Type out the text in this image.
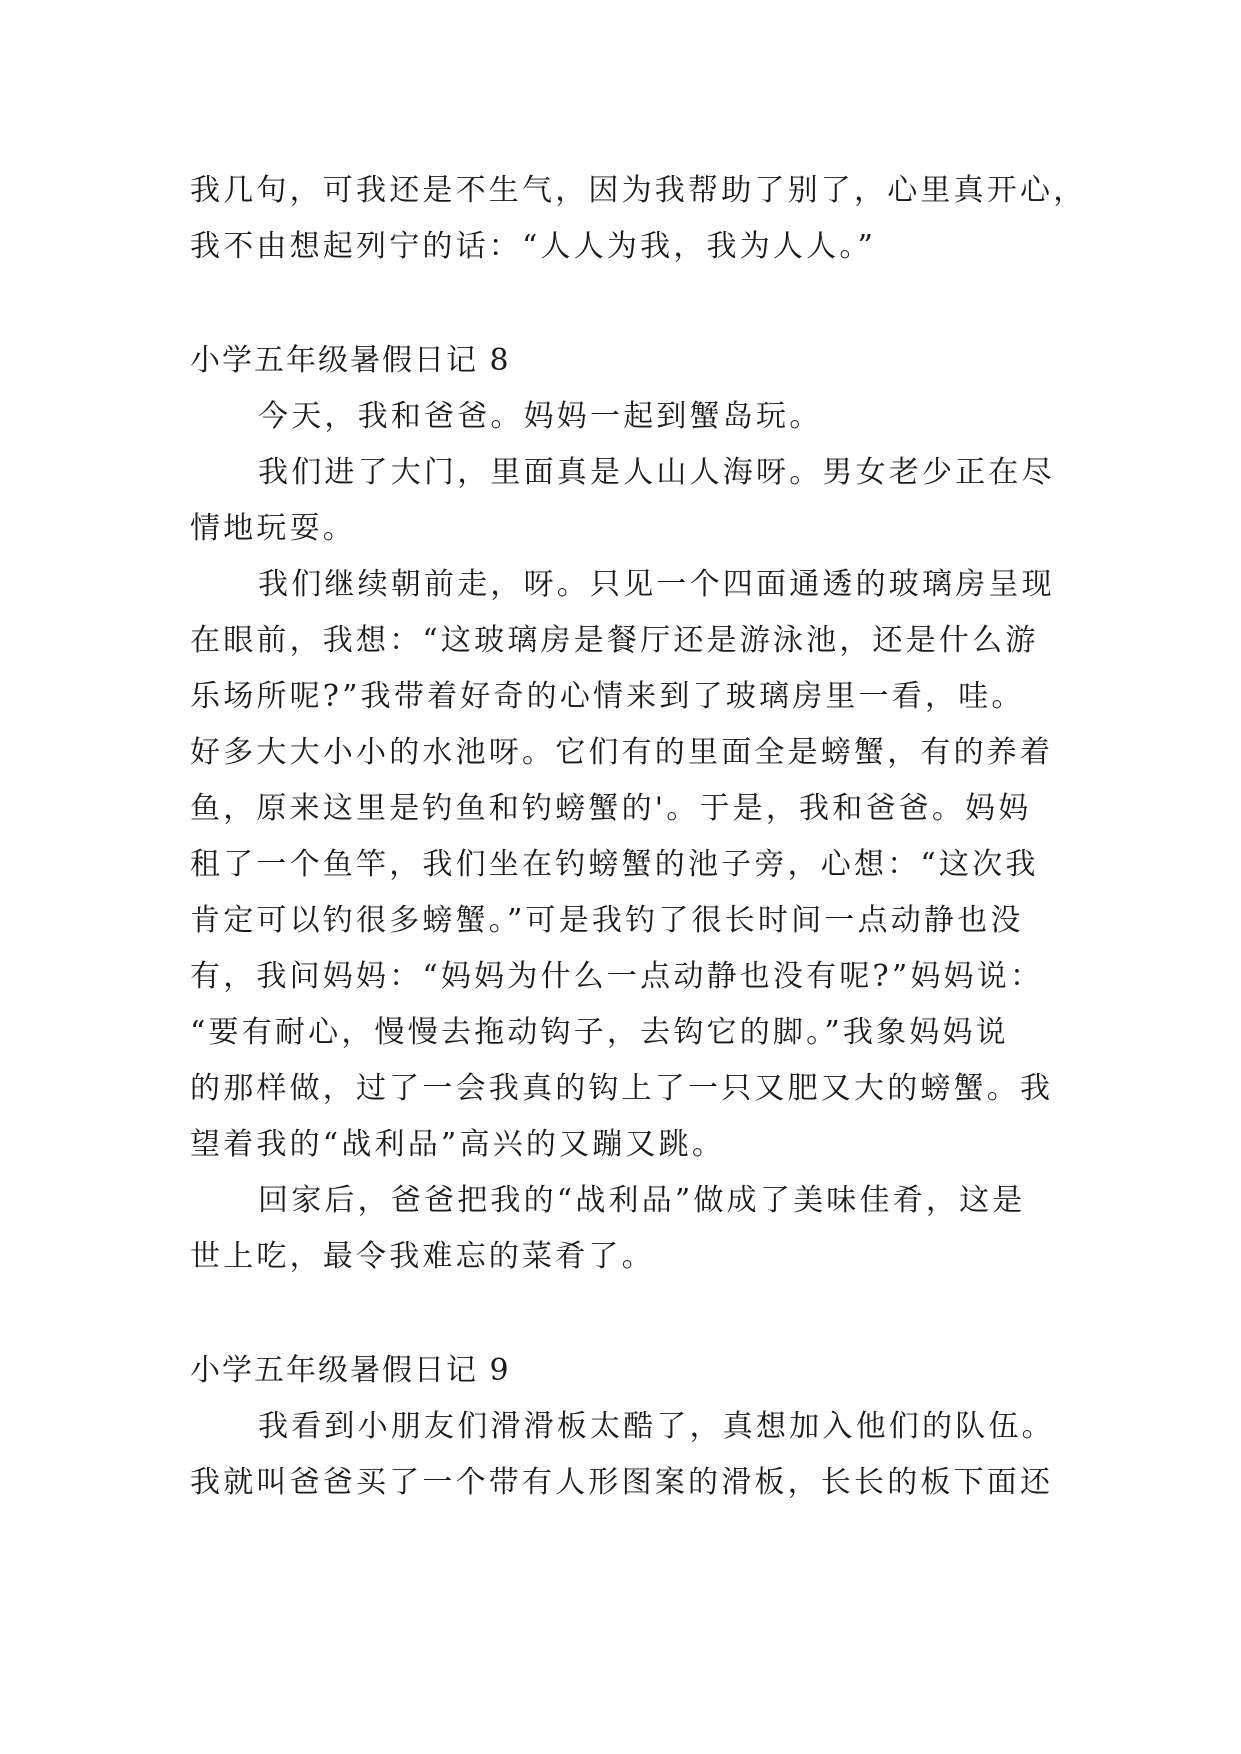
我几句，可我还是不生气，因为我帮助了别了，心里真开心，
我不由想起列宁的话：“人人为我，我为人人。”
小学五年级暑假日记 8
今天，我和爸爸。妈妈一起到蟹岛玩。
我们进了大门，里面真是人山人海呀。男女老少正在尽
情地玩耍。
我们继续朝前走，呀。只见一个四面通透的玻璃房呈现
在眼前，我想：“这玻璃房是餐厅还是游泳池，还是什么游
乐场所呢?”我带着好奇的心情来到了玻璃房里一看，哇。
好多大大小小的水池呀。它们有的里面全是螃蟹，有的养着
鱼，原来这里是钓鱼和钓螃蟹的'。于是，我和爸爸。妈妈
租了一个鱼竿，我们坐在钓螃蟹的池子旁，心想：“这次我
肯定可以钓很多螃蟹。”可是我钓了很长时间一点动静也没
有，我问妈妈：“妈妈为什么一点动静也没有呢?”妈妈说：
“要有耐心，慢慢去拖动钩子，去钩它的脚。”我象妈妈说
的那样做，过了一会我真的钩上了一只又肥又大的螃蟹。我
望着我的“战利品”高兴的又蹦又跳。
回家后，爸爸把我的“战利品”做成了美味佳肴，这是
世上吃，最令我难忘的菜肴了。
小学五年级暑假日记 9
我看到小朋友们滑滑板太酷了，真想加入他们的队伍。
我就叫爸爸买了一个带有人形图案的滑板，长长的板下面还
